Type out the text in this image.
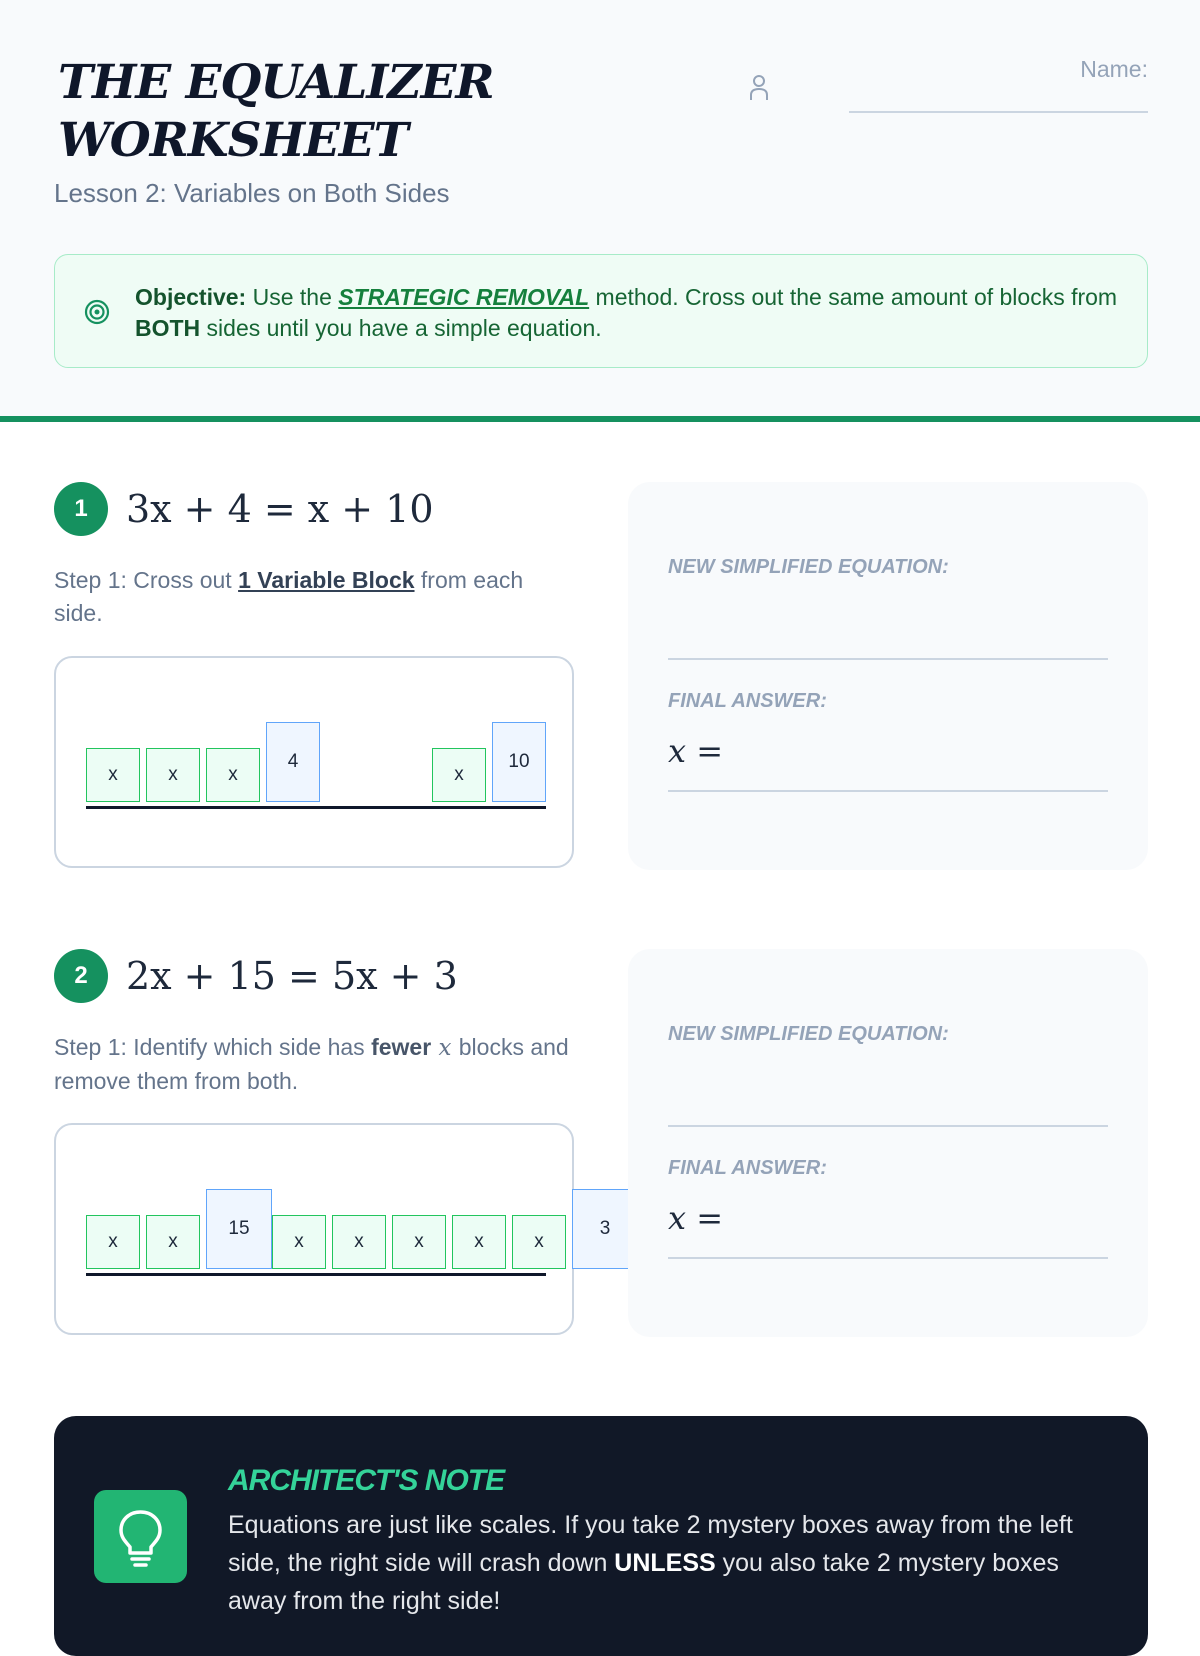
THE EQUALIZER
WORKSHEET
Lesson 2: Variables on Both Sides
Name:
Objective: Use the STRATEGIC REMOVAL method. Cross out the same amount of blocks from BOTH sides until you have a simple equation.
1	3x + 4 = x + 10
Step 1: Cross out 1 Variable Block from each side.
x	x	x
4
x
10
NEW SIMPLIFIED EQUATION:
FINAL ANSWER:
x =
2	2x + 15 = 5x + 3
Step 1: Identify which side has fewer x blocks and remove them from both.
x	x
15
x	x	x	x	x
3
NEW SIMPLIFIED EQUATION:
FINAL ANSWER:
x =
ARCHITECT'S NOTE
Equations are just like scales. If you take 2 mystery boxes away from the left side, the right side will crash down UNLESS you also take 2 mystery boxes away from the right side!
